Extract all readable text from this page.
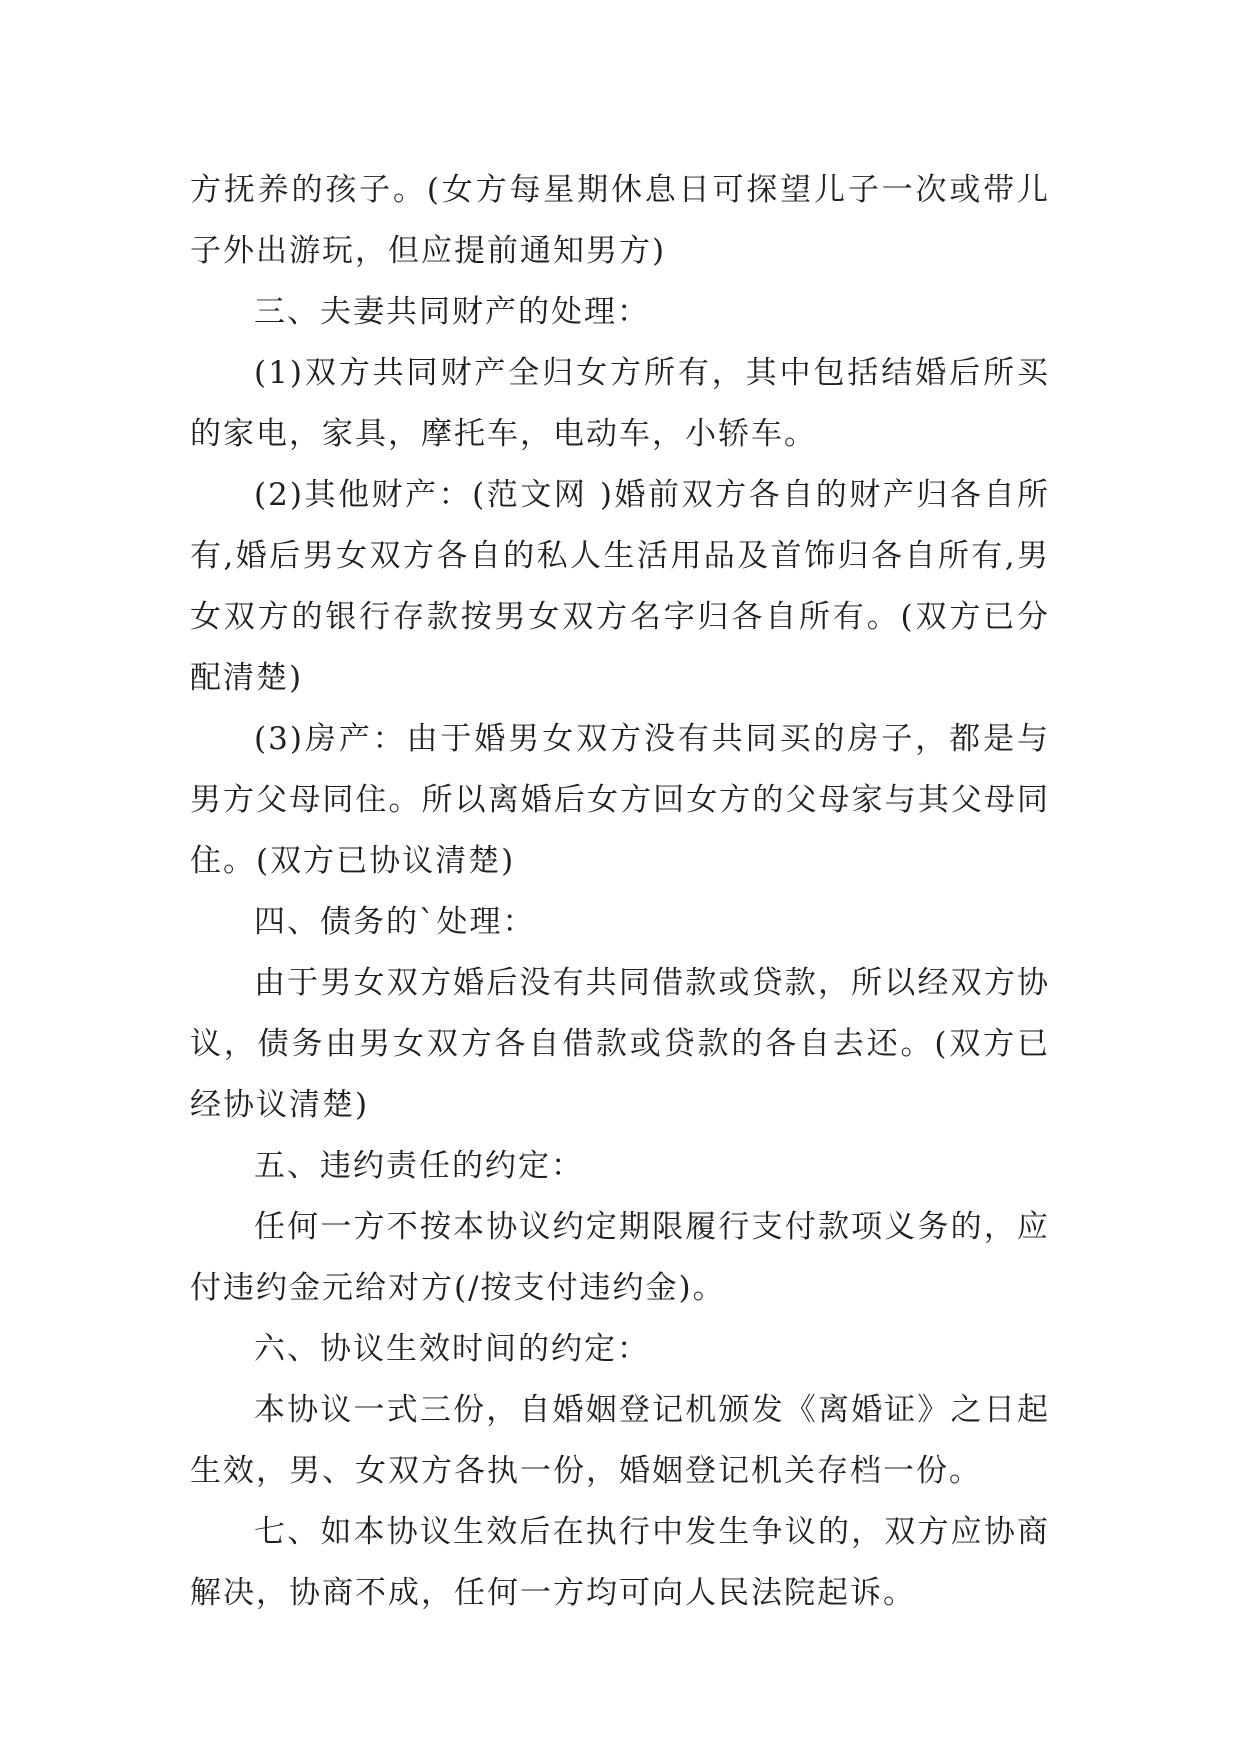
方抚养的孩子。(女方每星期休息日可探望儿子一次或带儿子外出游玩，但应提前通知男方)

三、夫妻共同财产的处理：

(1)双方共同财产全归女方所有，其中包括结婚后所买的家电，家具，摩托车，电动车，小轿车。

(2)其他财产：(范文网 )婚前双方各自的财产归各自所有,婚后男女双方各自的私人生活用品及首饰归各自所有,男女双方的银行存款按男女双方名字归各自所有。(双方已分配清楚)

(3)房产：由于婚男女双方没有共同买的房子，都是与男方父母同住。所以离婚后女方回女方的父母家与其父母同住。(双方已协议清楚)

四、债务的`处理：

由于男女双方婚后没有共同借款或贷款，所以经双方协议，债务由男女双方各自借款或贷款的各自去还。(双方已经协议清楚)

五、违约责任的约定：

任何一方不按本协议约定期限履行支付款项义务的，应付违约金元给对方(/按支付违约金)。

六、协议生效时间的约定：

本协议一式三份，自婚姻登记机颁发《离婚证》之日起生效，男、女双方各执一份，婚姻登记机关存档一份。

七、如本协议生效后在执行中发生争议的，双方应协商解决，协商不成，任何一方均可向人民法院起诉。
